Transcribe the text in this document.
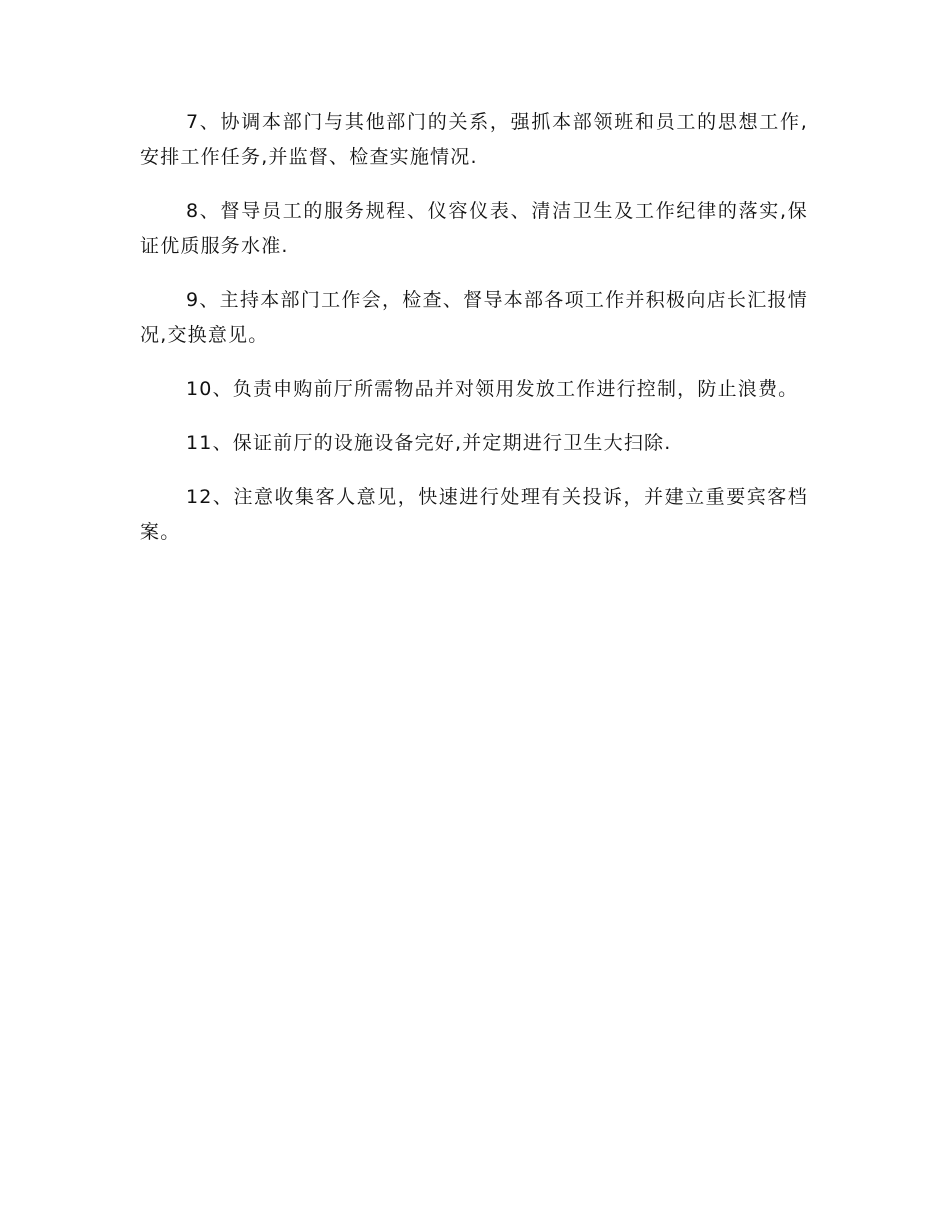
7、协调本部门与其他部门的关系，强抓本部领班和员工的思想工作,安排工作任务,并监督、检查实施情况.

8、督导员工的服务规程、仪容仪表、清洁卫生及工作纪律的落实,保证优质服务水准.

9、主持本部门工作会，检查、督导本部各项工作并积极向店长汇报情况,交换意见。

10、负责申购前厅所需物品并对领用发放工作进行控制，防止浪费。

11、保证前厅的设施设备完好,并定期进行卫生大扫除.

12、注意收集客人意见，快速进行处理有关投诉，并建立重要宾客档案。
